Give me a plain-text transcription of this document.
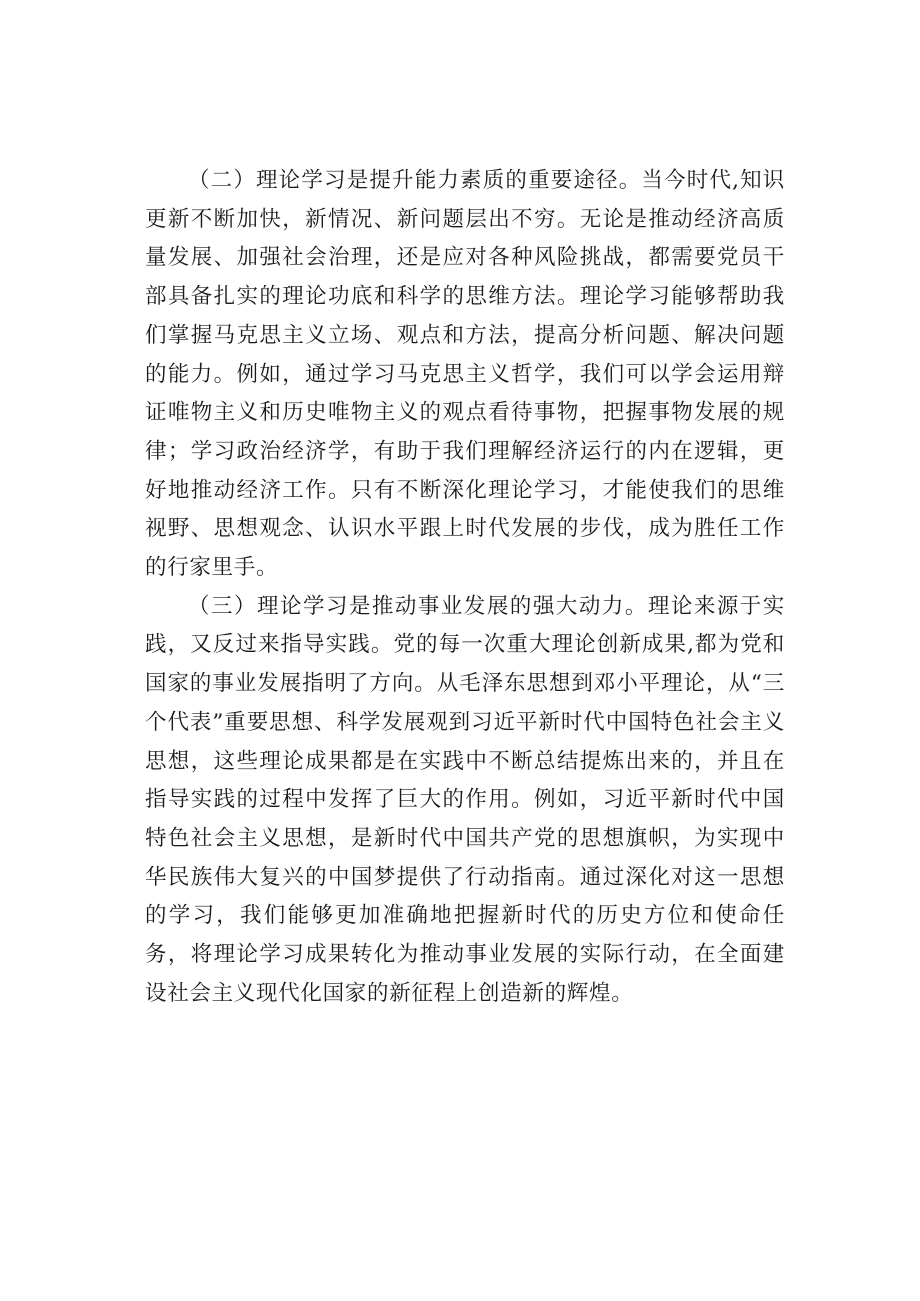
（二）理论学习是提升能力素质的重要途径。当今时代,知识更新不断加快，新情况、新问题层出不穷。无论是推动经济高质量发展、加强社会治理，还是应对各种风险挑战，都需要党员干部具备扎实的理论功底和科学的思维方法。理论学习能够帮助我们掌握马克思主义立场、观点和方法，提高分析问题、解决问题的能力。例如，通过学习马克思主义哲学，我们可以学会运用辩证唯物主义和历史唯物主义的观点看待事物，把握事物发展的规律；学习政治经济学，有助于我们理解经济运行的内在逻辑，更好地推动经济工作。只有不断深化理论学习，才能使我们的思维视野、思想观念、认识水平跟上时代发展的步伐，成为胜任工作的行家里手。

（三）理论学习是推动事业发展的强大动力。理论来源于实践，又反过来指导实践。党的每一次重大理论创新成果,都为党和国家的事业发展指明了方向。从毛泽东思想到邓小平理论，从“三个代表”重要思想、科学发展观到习近平新时代中国特色社会主义思想，这些理论成果都是在实践中不断总结提炼出来的，并且在指导实践的过程中发挥了巨大的作用。例如，习近平新时代中国特色社会主义思想，是新时代中国共产党的思想旗帜，为实现中华民族伟大复兴的中国梦提供了行动指南。通过深化对这一思想的学习，我们能够更加准确地把握新时代的历史方位和使命任务，将理论学习成果转化为推动事业发展的实际行动，在全面建设社会主义现代化国家的新征程上创造新的辉煌。
